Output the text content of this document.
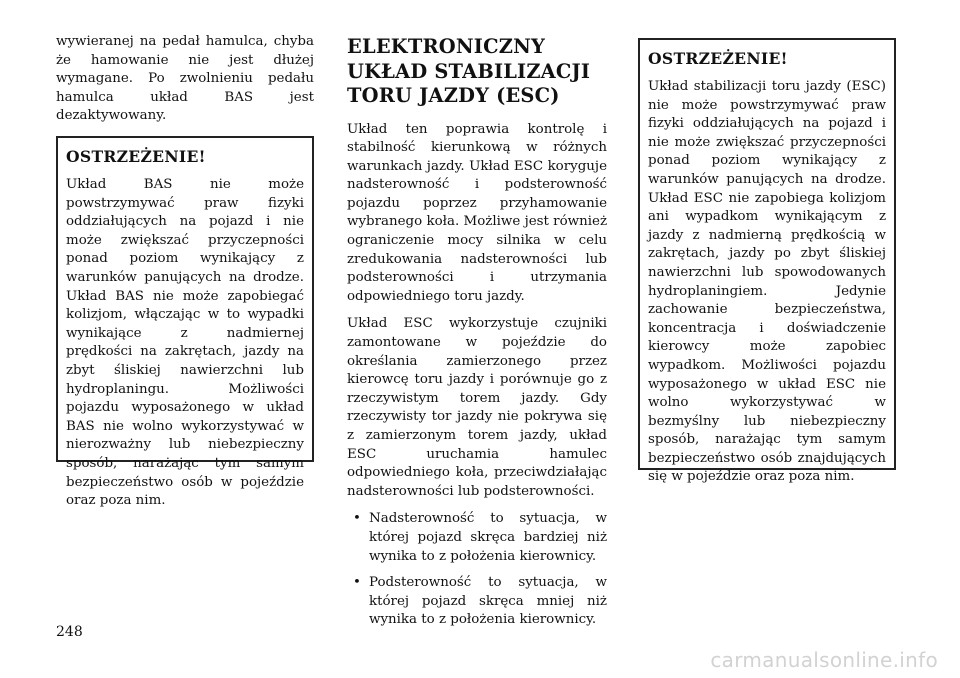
wywieranej na pedał hamulca, chyba że hamowanie nie jest dłużej wymagane. Po zwolnieniu pedału hamulca układ BAS jest dezaktywowany.

OSTRZEŻENIE!

Układ BAS nie może powstrzymywać praw fizyki oddziałujących na pojazd i nie może zwiększać przyczepności ponad poziom wynikający z warunków panujących na drodze. Układ BAS nie może zapobiegać kolizjom, włączając w to wypadki wynikające z nadmiernej prędkości na zakrętach, jazdy na zbyt śliskiej nawierzchni lub hydroplaningu. Możliwości pojazdu wyposażonego w układ BAS nie wolno wykorzystywać w nierozważny lub niebezpieczny sposób, narażając tym samym bezpieczeństwo osób w pojeździe oraz poza nim.

ELEKTRONICZNY UKŁAD STABILIZACJI TORU JAZDY (ESC)

Układ ten poprawia kontrolę i stabilność kierunkową w różnych warunkach jazdy. Układ ESC koryguje nadsterowność i podsterowność pojazdu poprzez przyhamowanie wybranego koła. Możliwe jest również ograniczenie mocy silnika w celu zredukowania nadsterowności lub podsterowności i utrzymania odpowiedniego toru jazdy.

Układ ESC wykorzystuje czujniki zamontowane w pojeździe do określania zamierzonego przez kierowcę toru jazdy i porównuje go z rzeczywistym torem jazdy. Gdy rzeczywisty tor jazdy nie pokrywa się z zamierzonym torem jazdy, układ ESC uruchamia hamulec odpowiedniego koła, przeciwdziałając nadsterowności lub podsterowności.

• Nadsterowność to sytuacja, w której pojazd skręca bardziej niż wynika to z położenia kierownicy.
• Podsterowność to sytuacja, w której pojazd skręca mniej niż wynika to z położenia kierownicy.
OSTRZEŻENIE!

Układ stabilizacji toru jazdy (ESC) nie może powstrzymywać praw fizyki oddziałujących na pojazd i nie może zwiększać przyczepności ponad poziom wynikający z warunków panujących na drodze. Układ ESC nie zapobiega kolizjom ani wypadkom wynikającym z jazdy z nadmierną prędkością w zakrętach, jazdy po zbyt śliskiej nawierzchni lub spowodowanych hydroplaningiem. Jedynie zachowanie bezpieczeństwa, koncentracja i doświadczenie kierowcy może zapobiec wypadkom. Możliwości pojazdu wyposażonego w układ ESC nie wolno wykorzystywać w bezmyślny lub niebezpieczny sposób, narażając tym samym bezpieczeństwo osób znajdujących się w pojeździe oraz poza nim.

248
carmanualsonline.info
